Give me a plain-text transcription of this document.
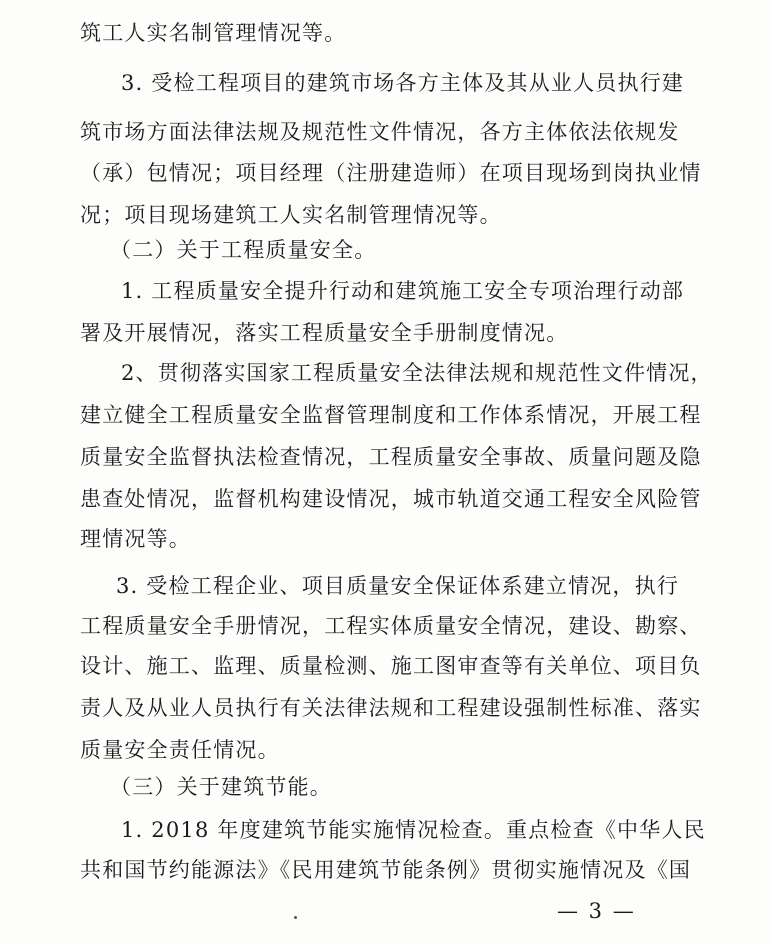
筑工人实名制管理情况等。
3. 受检工程项目的建筑市场各方主体及其从业人员执行建
筑市场方面法律法规及规范性文件情况，各方主体依法依规发
（承）包情况；项目经理（注册建造师）在项目现场到岗执业情
况；项目现场建筑工人实名制管理情况等。
（二）关于工程质量安全。
1. 工程质量安全提升行动和建筑施工安全专项治理行动部
署及开展情况，落实工程质量安全手册制度情况。
2、贯彻落实国家工程质量安全法律法规和规范性文件情况，
建立健全工程质量安全监督管理制度和工作体系情况，开展工程
质量安全监督执法检查情况，工程质量安全事故、质量问题及隐
患查处情况，监督机构建设情况，城市轨道交通工程安全风险管
理情况等。
3. 受检工程企业、项目质量安全保证体系建立情况，执行
工程质量安全手册情况，工程实体质量安全情况，建设、勘察、
设计、施工、监理、质量检测、施工图审查等有关单位、项目负
责人及从业人员执行有关法律法规和工程建设强制性标准、落实
质量安全责任情况。
（三）关于建筑节能。
1. 2018 年度建筑节能实施情况检查。重点检查《中华人民
共和国节约能源法》《民用建筑节能条例》贯彻实施情况及《国
— 3 —
